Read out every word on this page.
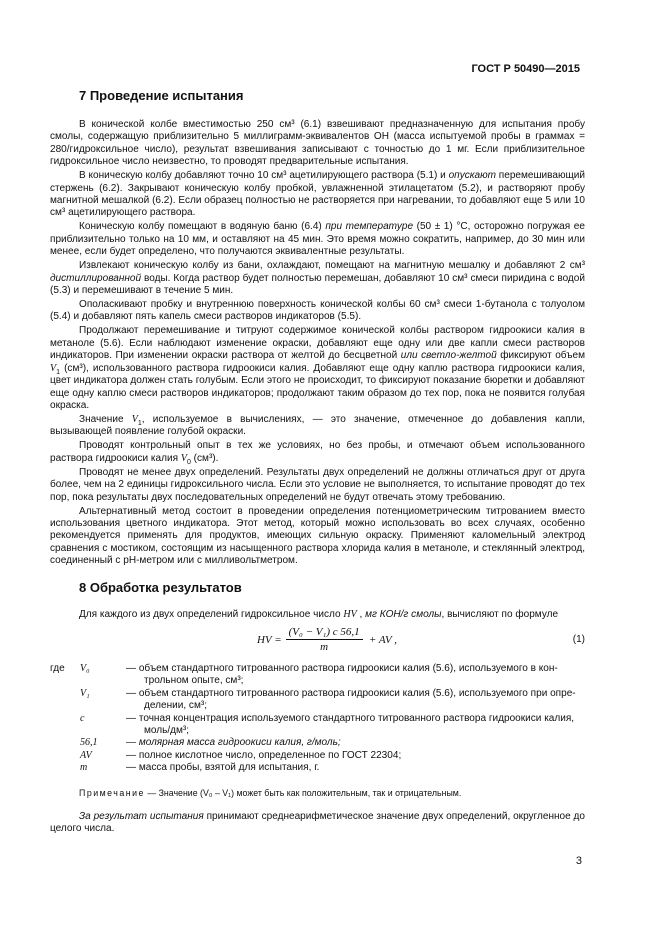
ГОСТ Р 50490—2015
7 Проведение испытания

В конической колбе вместимостью 250 см³ (6.1) взвешивают предназначенную для испытания пробу смолы, содержащую приблизительно 5 миллиграмм-эквивалентов ОН (масса испытуемой пробы в граммах = 280/гидроксильное число), результат взвешивания записывают с точностью до 1 мг. Если приблизительное гидроксильное число неизвестно, то проводят предварительные испытания.

В коническую колбу добавляют точно 10 см³ ацетилирующего раствора (5.1) и опускают перемешивающий стержень (6.2). Закрывают коническую колбу пробкой, увлажненной этилацетатом (5.2), и растворяют пробу магнитной мешалкой (6.2). Если образец полностью не растворяется при нагревании, то добавляют еще 5 или 10 см³ ацетилирующего раствора.

Коническую колбу помещают в водяную баню (6.4) при температуре (50 ± 1) °С, осторожно погружая ее приблизительно только на 10 мм, и оставляют на 45 мин. Это время можно сократить, например, до 30 мин или менее, если будет определено, что получаются эквивалентные результаты.

Извлекают коническую колбу из бани, охлаждают, помещают на магнитную мешалку и добавляют 2 см³ дистиллированной воды. Когда раствор будет полностью перемешан, добавляют 10 см³ смеси пиридина с водой (5.3) и перемешивают в течение 5 мин.

Ополаскивают пробку и внутреннюю поверхность конической колбы 60 см³ смеси 1-бутанола с толуолом (5.4) и добавляют пять капель смеси растворов индикаторов (5.5).

Продолжают перемешивание и титруют содержимое конической колбы раствором гидроокиси калия в метаноле (5.6). Если наблюдают изменение окраски, добавляют еще одну или две капли смеси растворов индикаторов. При изменении окраски раствора от желтой до бесцветной или светло-желтой фиксируют объем $V_1$ (см³), использованного раствора гидроокиси калия. Добавляют еще одну каплю раствора гидроокиси калия, цвет индикатора должен стать голубым. Если этого не происходит, то фиксируют показание бюретки и добавляют еще одну каплю смеси растворов индикаторов; продолжают таким образом до тех пор, пока не появится голубая окраска.

Значение $V_1$, используемое в вычислениях, — это значение, отмеченное до добавления капли, вызывающей появление голубой окраски.

Проводят контрольный опыт в тех же условиях, но без пробы, и отмечают объем использованного раствора гидроокиси калия $V_0$ (см³).

Проводят не менее двух определений. Результаты двух определений не должны отличаться друг от друга более, чем на 2 единицы гидроксильного числа. Если это условие не выполняется, то испытание проводят до тех пор, пока результаты двух последовательных определений не будут отвечать этому требованию.

Альтернативный метод состоит в проведении определения потенциометрическим титрованием вместо использования цветного индикатора. Этот метод, который можно использовать во всех случаях, особенно рекомендуется применять для продуктов, имеющих сильную окраску. Применяют каломельный электрод сравнения с мостиком, состоящим из насыщенного раствора хлорида калия в метаноле, и стеклянный электрод, соединенный с рН-метром или с милливольтметром.

8 Обработка результатов

Для каждого из двух определений гидроксильное число HV , мг КОН/г смолы, вычисляют по формуле

HV = $\frac{\text{(V₀ − V₁) c 56,1}}{m}$ + AV ,	(1)
где	V₀	— объем стандартного титрованного раствора гидроокиси калия (5.6), используемого в кон-
трольном опыте, см³;
V₁	— объем стандартного титрованного раствора гидроокиси калия (5.6), используемого при опре-
делении, см³;
c	— точная концентрация используемого стандартного титрованного раствора гидроокиси калия,
моль/дм³;
56,1	— молярная масса гидроокиси калия, г/моль;
AV	— полное кислотное число, определенное по ГОСТ 22304;
m	— масса пробы, взятой для испытания, г.

Примечание — Значение (V₀ – V₁) может быть как положительным, так и отрицательным.

За результат испытания принимают среднеарифметическое значение двух определений, округленное до целого числа.

3
